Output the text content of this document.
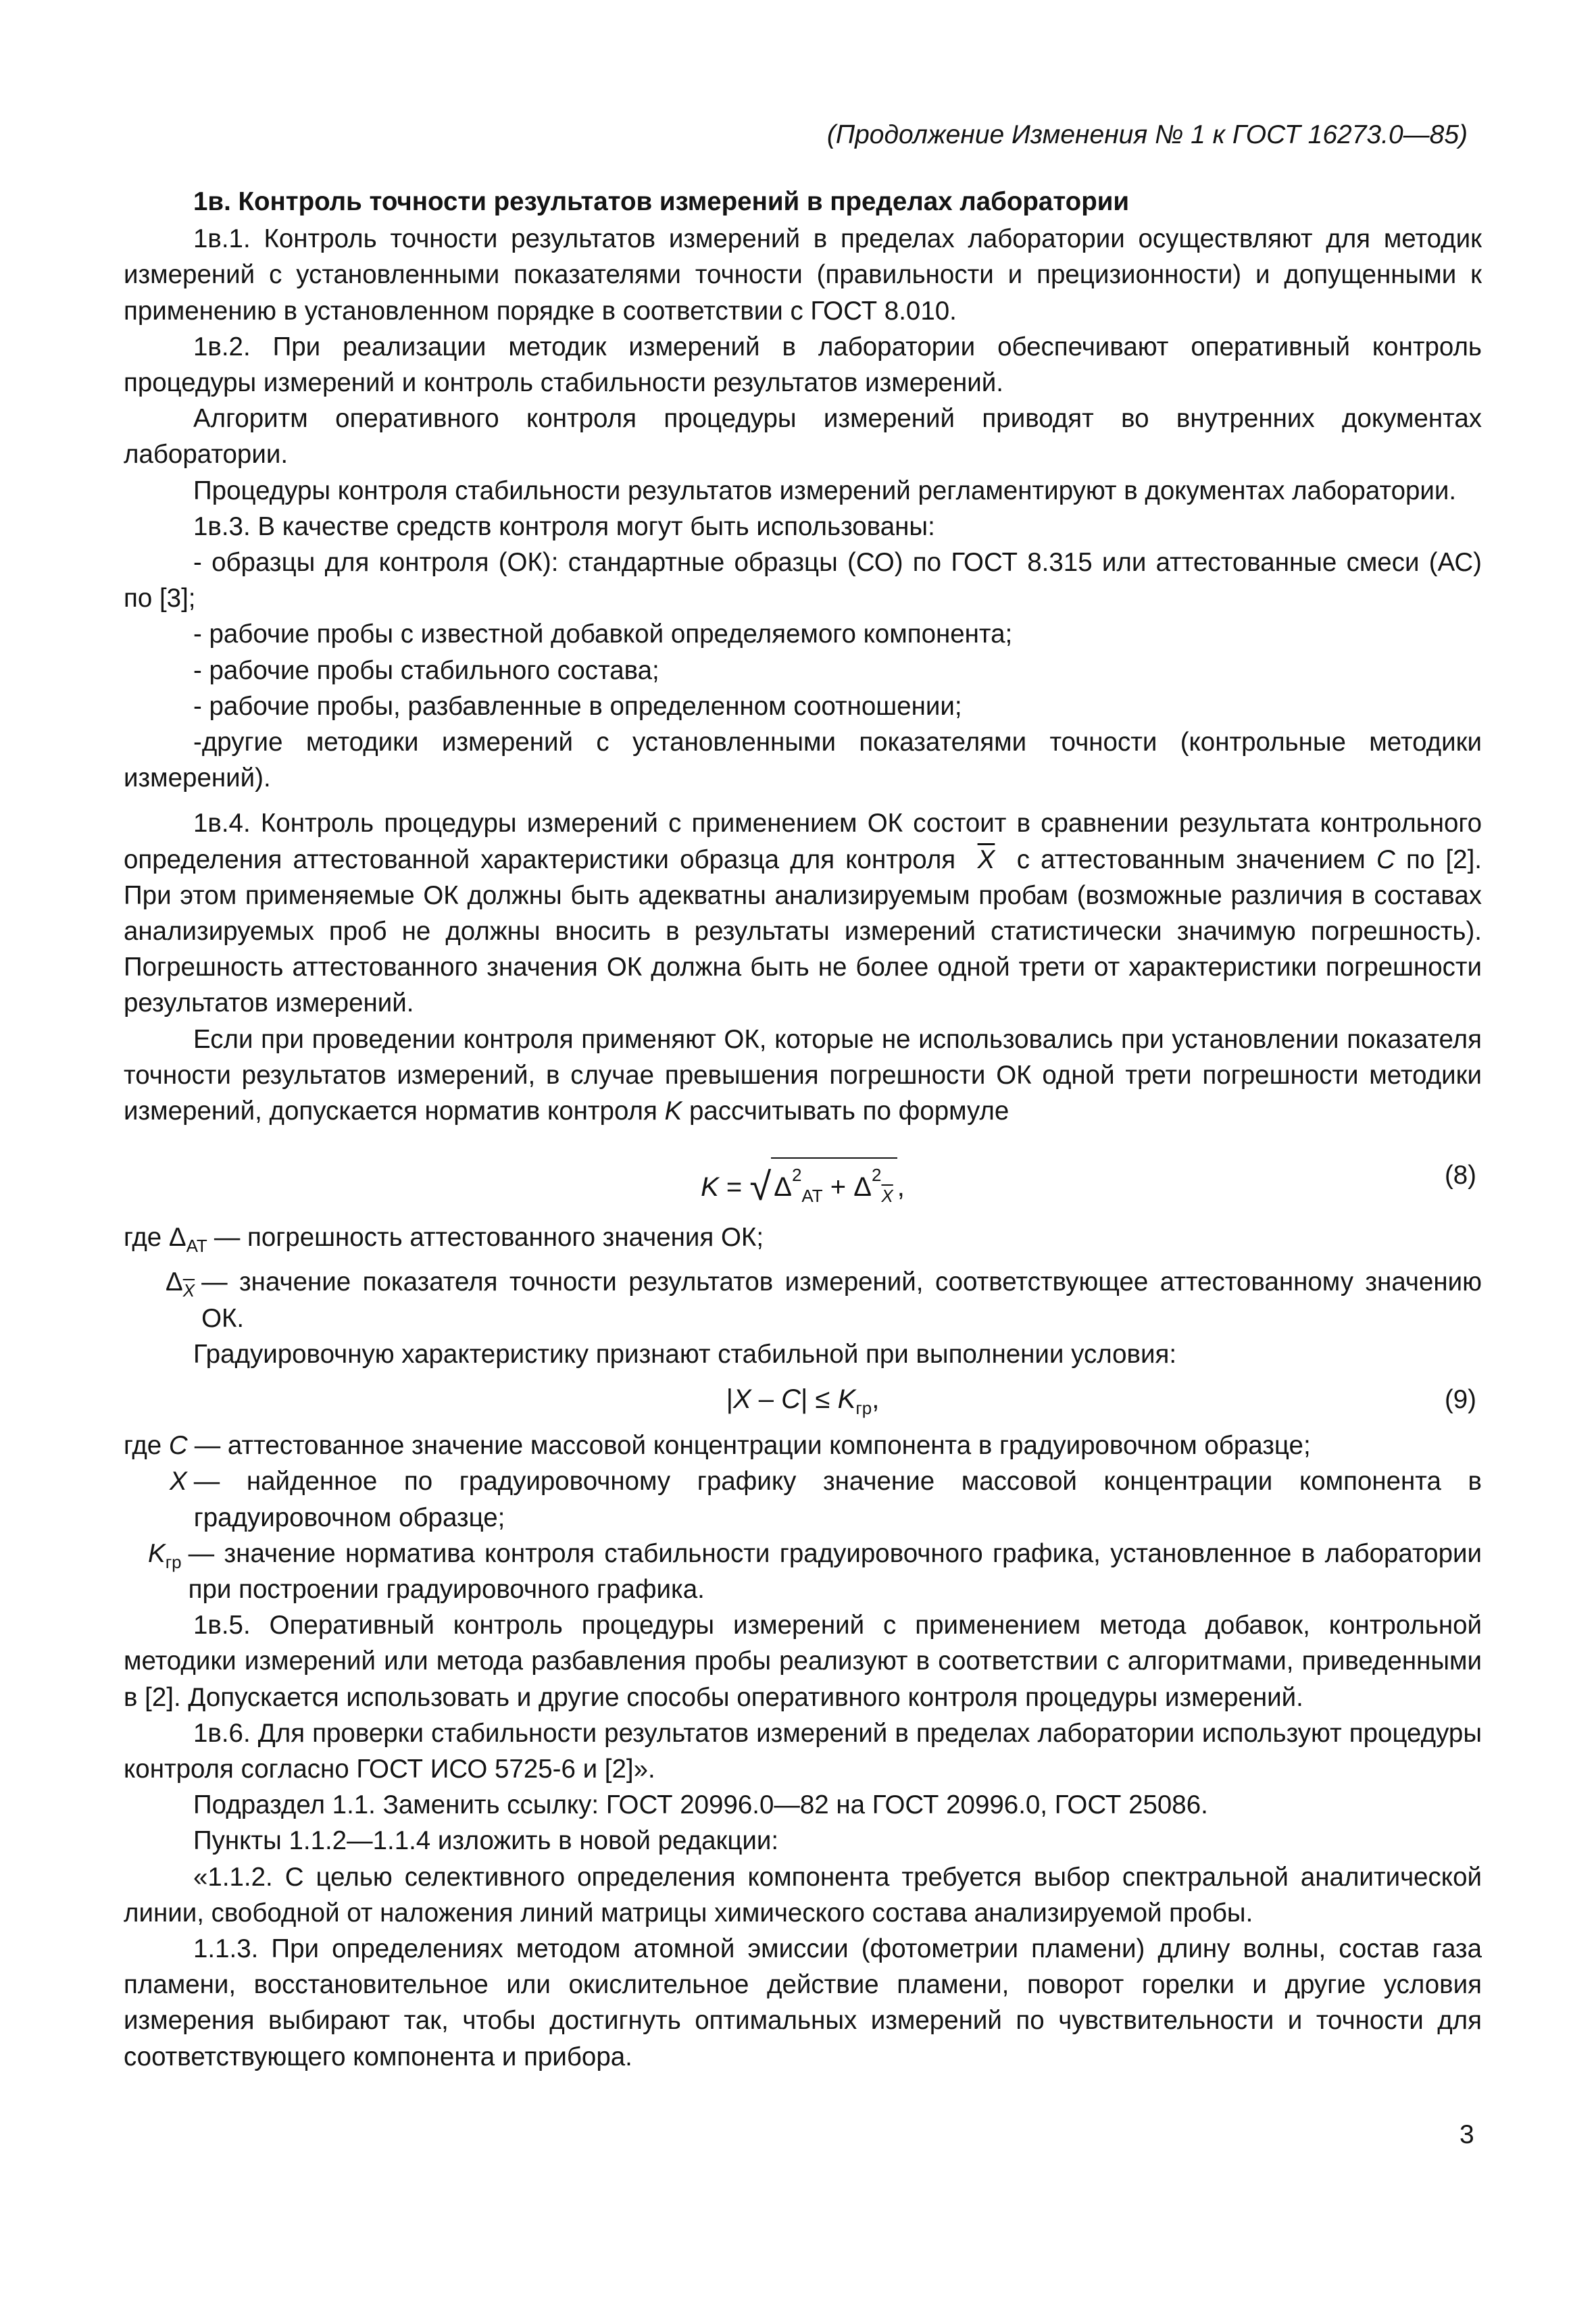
(Продолжение Изменения № 1 к ГОСТ 16273.0—85)

1в. Контроль точности результатов измерений в пределах лаборатории

1в.1. Контроль точности результатов измерений в пределах лаборатории осуществляют для методик измерений с установленными показателями точности (правильности и прецизионности) и допущенными к применению в установленном порядке в соответствии с ГОСТ 8.010.

1в.2. При реализации методик измерений в лаборатории обеспечивают оперативный контроль процедуры измерений и контроль стабильности результатов измерений.

Алгоритм оперативного контроля процедуры измерений приводят во внутренних документах лаборатории.

Процедуры контроля стабильности результатов измерений регламентируют в документах лаборатории.

1в.3. В качестве средств контроля могут быть использованы:

- образцы для контроля (ОК): стандартные образцы (СО) по ГОСТ 8.315 или аттестованные смеси (АС) по [3];

- рабочие пробы с известной добавкой определяемого компонента;

- рабочие пробы стабильного состава;

- рабочие пробы, разбавленные в определенном соотношении;

-другие методики измерений с установленными показателями точности (контрольные методики измерений).

1в.4. Контроль процедуры измерений с применением ОК состоит в сравнении результата контрольного определения аттестованной характеристики образца для контроля $\overline{X}$ с аттестованным значением C по [2]. При этом применяемые ОК должны быть адекватны анализируемым пробам (возможные различия в составах анализируемых проб не должны вносить в результаты измерений статистически значимую погрешность). Погрешность аттестованного значения ОК должна быть не более одной трети от характеристики погрешности результатов измерений.

Если при проведении контроля применяют ОК, которые не использовались при установлении показателя точности результатов измерений, в случае превышения погрешности ОК одной трети погрешности методики измерений, допускается норматив контроля K рассчитывать по формуле

K = √ $\Delta^2_{АТ} + \Delta^2_{\overline{X}}$ ,	(8)
где $\Delta_{АТ}$ — погрешность аттестованного значения ОК;
$\Delta_{\overline{X}}$ — значение показателя точности результатов измерений, соответствующее аттестованному значению ОК.

Градуировочную характеристику признают стабильной при выполнении условия:

$|X - C| \le K_{гр}$,	(9)
где C — аттестованное значение массовой концентрации компонента в градуировочном образце;
X — найденное по градуировочному графику значение массовой концентрации компонента в градуировочном образце;
$K_{гр}$ — значение норматива контроля стабильности градуировочного графика, установленное в лаборатории при построении градуировочного графика.

1в.5. Оперативный контроль процедуры измерений с применением метода добавок, контрольной методики измерений или метода разбавления пробы реализуют в соответствии с алгоритмами, приведенными в [2]. Допускается использовать и другие способы оперативного контроля процедуры измерений.

1в.6. Для проверки стабильности результатов измерений в пределах лаборатории используют процедуры контроля согласно ГОСТ ИСО 5725-6 и [2]».

Подраздел 1.1. Заменить ссылку: ГОСТ 20996.0—82 на ГОСТ 20996.0, ГОСТ 25086.

Пункты 1.1.2—1.1.4 изложить в новой редакции:

«1.1.2. С целью селективного определения компонента требуется выбор спектральной аналитической линии, свободной от наложения линий матрицы химического состава анализируемой пробы.

1.1.3. При определениях методом атомной эмиссии (фотометрии пламени) длину волны, состав газа пламени, восстановительное или окислительное действие пламени, поворот горелки и другие условия измерения выбирают так, чтобы достигнуть оптимальных измерений по чувствительности и точности для соответствующего компонента и прибора.

3
